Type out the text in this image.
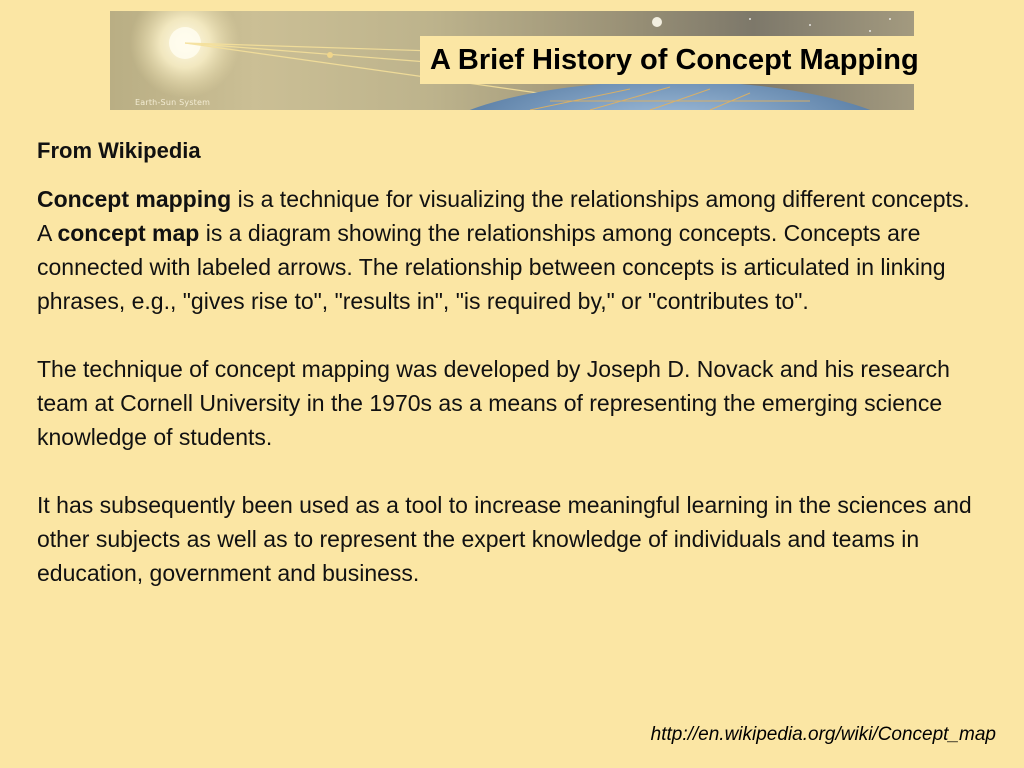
Earth-Sun System
A Brief History of Concept Mapping
From Wikipedia

Concept mapping is a technique for visualizing the relationships among different concepts. A concept map is a diagram showing the relationships among concepts. Concepts are connected with labeled arrows. The relationship between concepts is articulated in linking phrases, e.g., "gives rise to", "results in", "is required by," or "contributes to".

The technique of concept mapping was developed by Joseph D. Novack and his research team at Cornell University in the 1970s as a means of representing the emerging science knowledge of students.

It has subsequently been used as a tool to increase meaningful learning in the sciences and other subjects as well as to represent the expert knowledge of individuals and teams in education, government and business.

http://en.wikipedia.org/wiki/Concept_map
